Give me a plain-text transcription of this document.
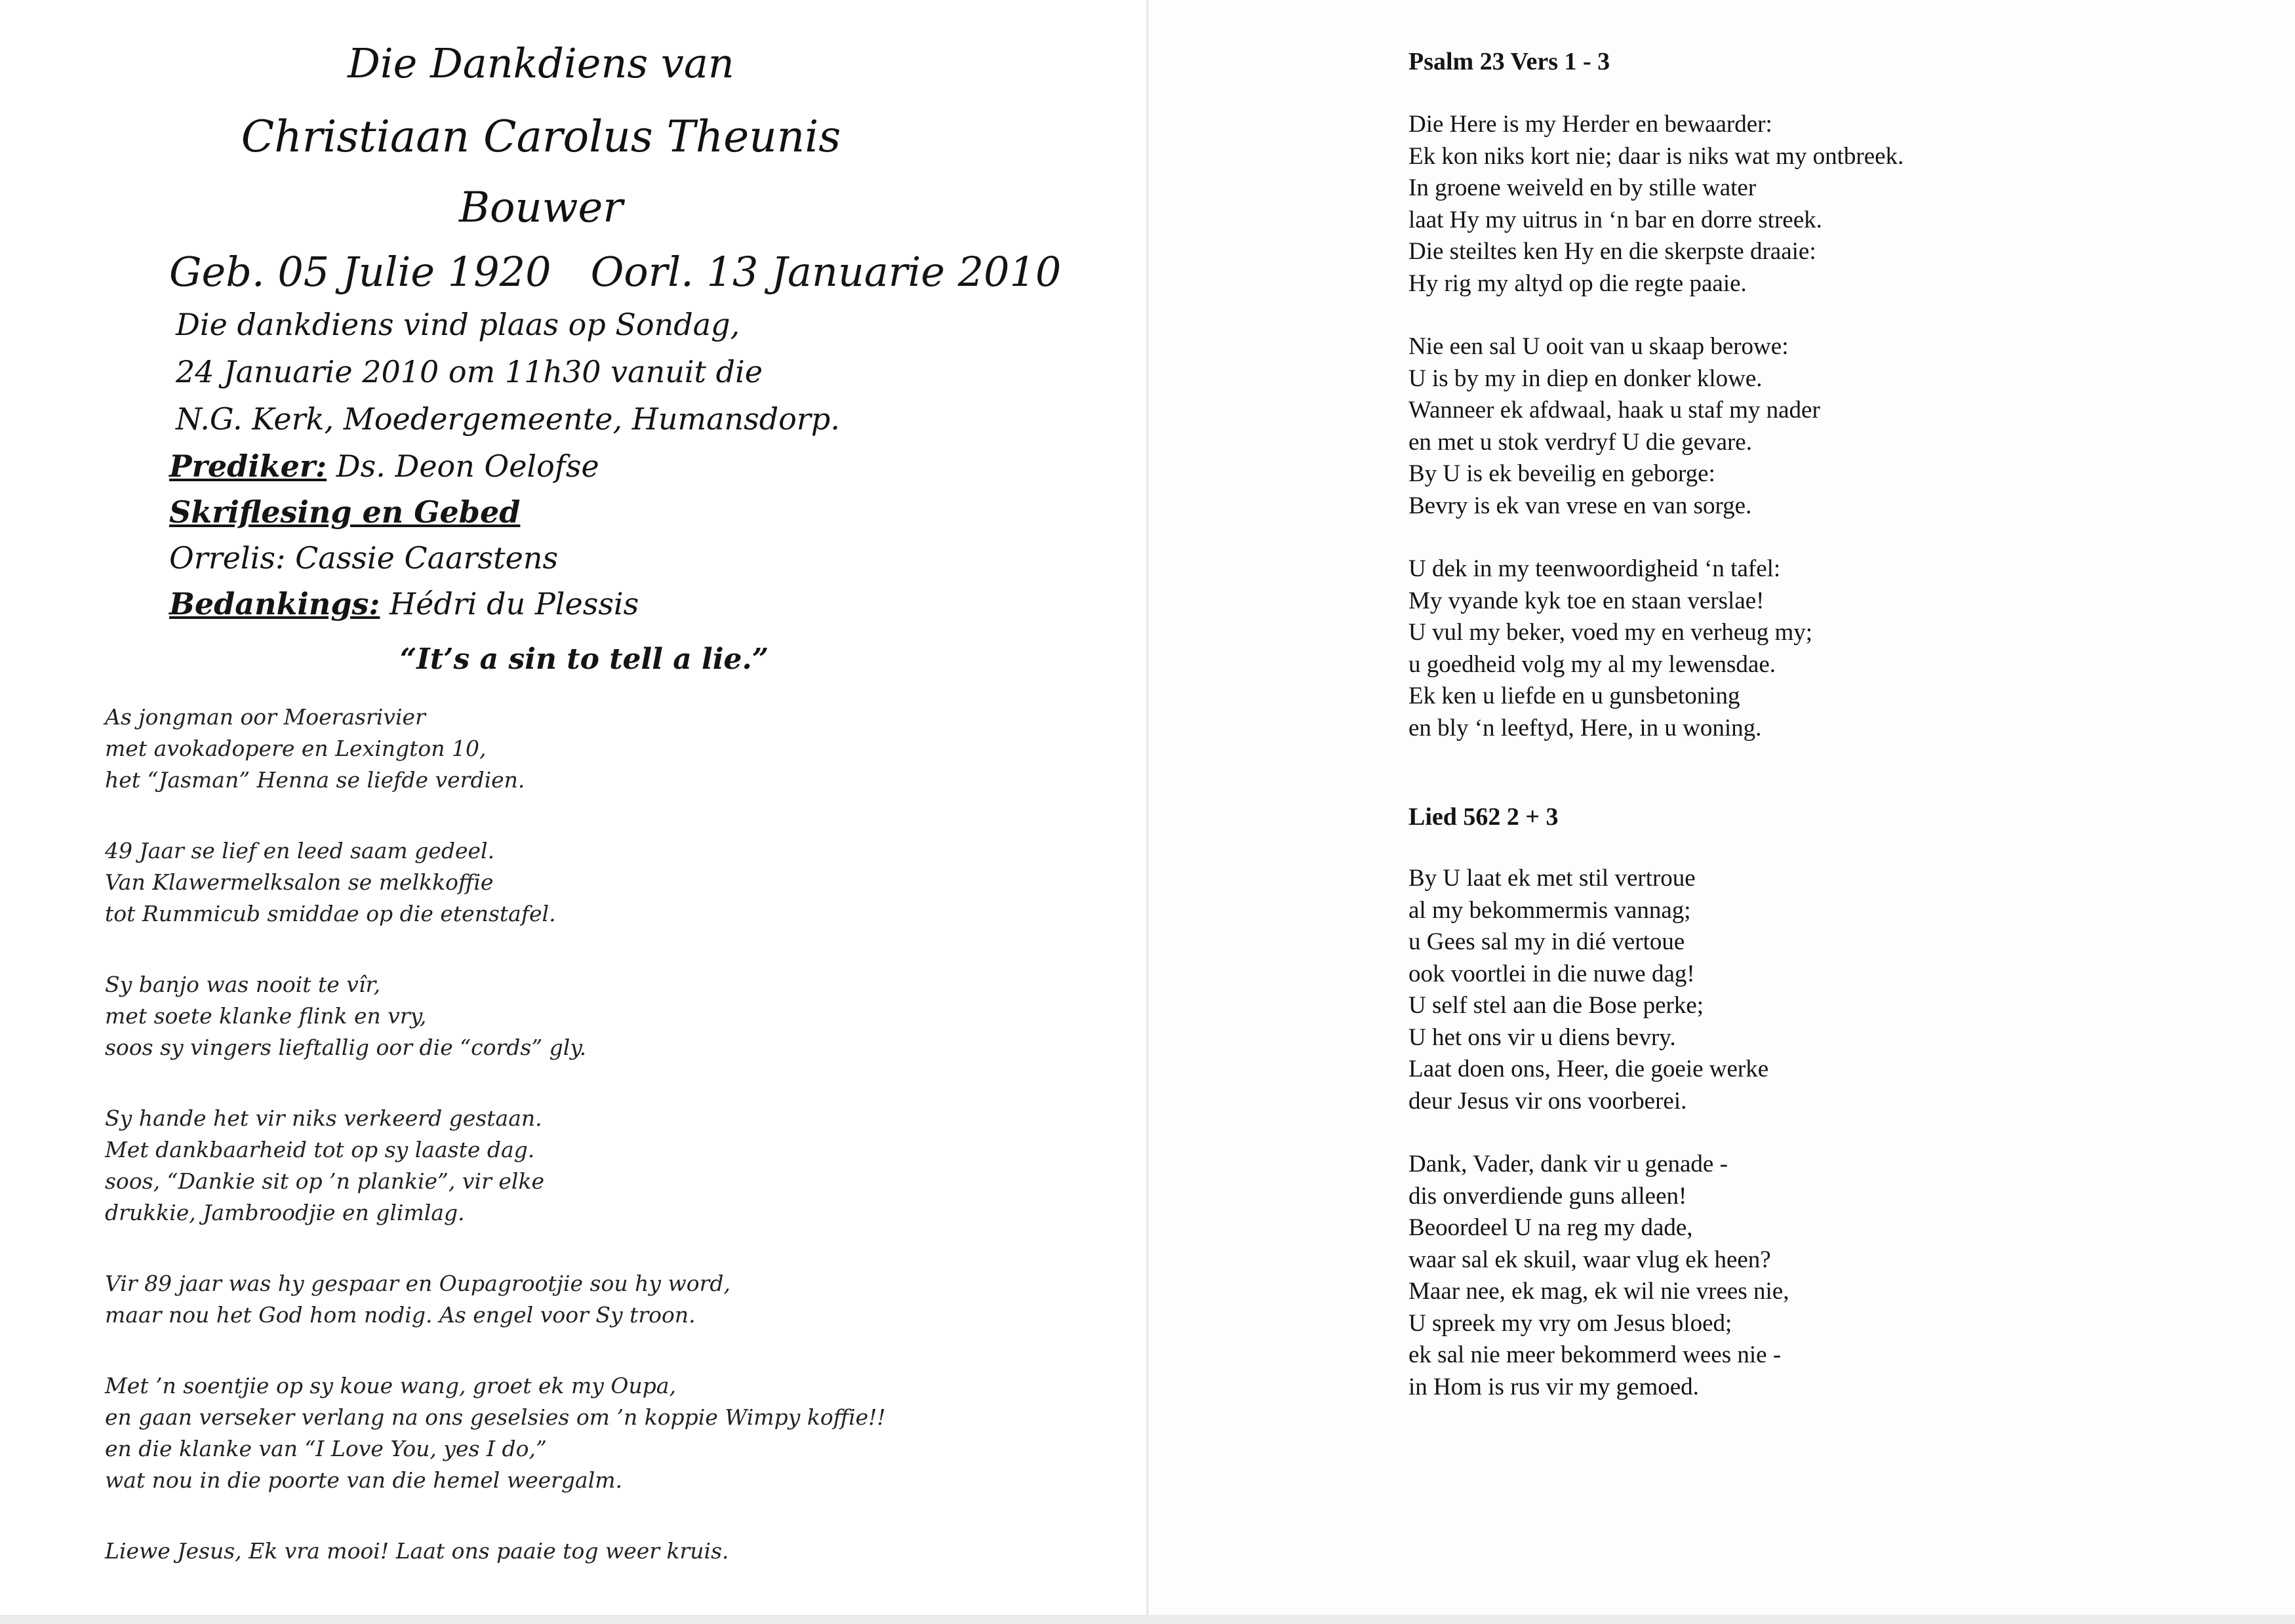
Die Dankdiens van
Christiaan Carolus Theunis
Bouwer
Geb. 05 Julie 1920 Oorl. 13 Januarie 2010
Die dankdiens vind plaas op Sondag,
24 Januarie 2010 om 11h30 vanuit die
N.G. Kerk, Moedergemeente, Humansdorp.
Prediker: Ds. Deon Oelofse
Skriflesing en Gebed
Orrelis: Cassie Caarstens
Bedankings: Hédri du Plessis
“It’s a sin to tell a lie.”
As jongman oor Moerasrivier
met avokadopere en Lexington 10,
het “Jasman” Henna se liefde verdien.
49 Jaar se lief en leed saam gedeel.
Van Klawermelksalon se melkkoffie
tot Rummicub smiddae op die etenstafel.
Sy banjo was nooit te vîr,
met soete klanke flink en vry,
soos sy vingers lieftallig oor die “cords” gly.
Sy hande het vir niks verkeerd gestaan.
Met dankbaarheid tot op sy laaste dag.
soos, “Dankie sit op ’n plankie”, vir elke
drukkie, Jambroodjie en glimlag.
Vir 89 jaar was hy gespaar en Oupagrootjie sou hy word,
maar nou het God hom nodig. As engel voor Sy troon.
Met ’n soentjie op sy koue wang, groet ek my Oupa,
en gaan verseker verlang na ons geselsies om ’n koppie Wimpy koffie!!
en die klanke van “I Love You, yes I do,”
wat nou in die poorte van die hemel weergalm.
Liewe Jesus, Ek vra mooi! Laat ons paaie tog weer kruis.
Psalm 23 Vers 1 - 3
Die Here is my Herder en bewaarder:
Ek kon niks kort nie; daar is niks wat my ontbreek.
In groene weiveld en by stille water
laat Hy my uitrus in ‘n bar en dorre streek.
Die steiltes ken Hy en die skerpste draaie:
Hy rig my altyd op die regte paaie.
Nie een sal U ooit van u skaap berowe:
U is by my in diep en donker klowe.
Wanneer ek afdwaal, haak u staf my nader
en met u stok verdryf U die gevare.
By U is ek beveilig en geborge:
Bevry is ek van vrese en van sorge.
U dek in my teenwoordigheid ‘n tafel:
My vyande kyk toe en staan verslae!
U vul my beker, voed my en verheug my;
u goedheid volg my al my lewensdae.
Ek ken u liefde en u gunsbetoning
en bly ‘n leeftyd, Here, in u woning.
Lied 562 2 + 3
By U laat ek met stil vertroue
al my bekommermis vannag;
u Gees sal my in dié vertoue
ook voortlei in die nuwe dag!
U self stel aan die Bose perke;
U het ons vir u diens bevry.
Laat doen ons, Heer, die goeie werke
deur Jesus vir ons voorberei.
Dank, Vader, dank vir u genade -
dis onverdiende guns alleen!
Beoordeel U na reg my dade,
waar sal ek skuil, waar vlug ek heen?
Maar nee, ek mag, ek wil nie vrees nie,
U spreek my vry om Jesus bloed;
ek sal nie meer bekommerd wees nie -
in Hom is rus vir my gemoed.
